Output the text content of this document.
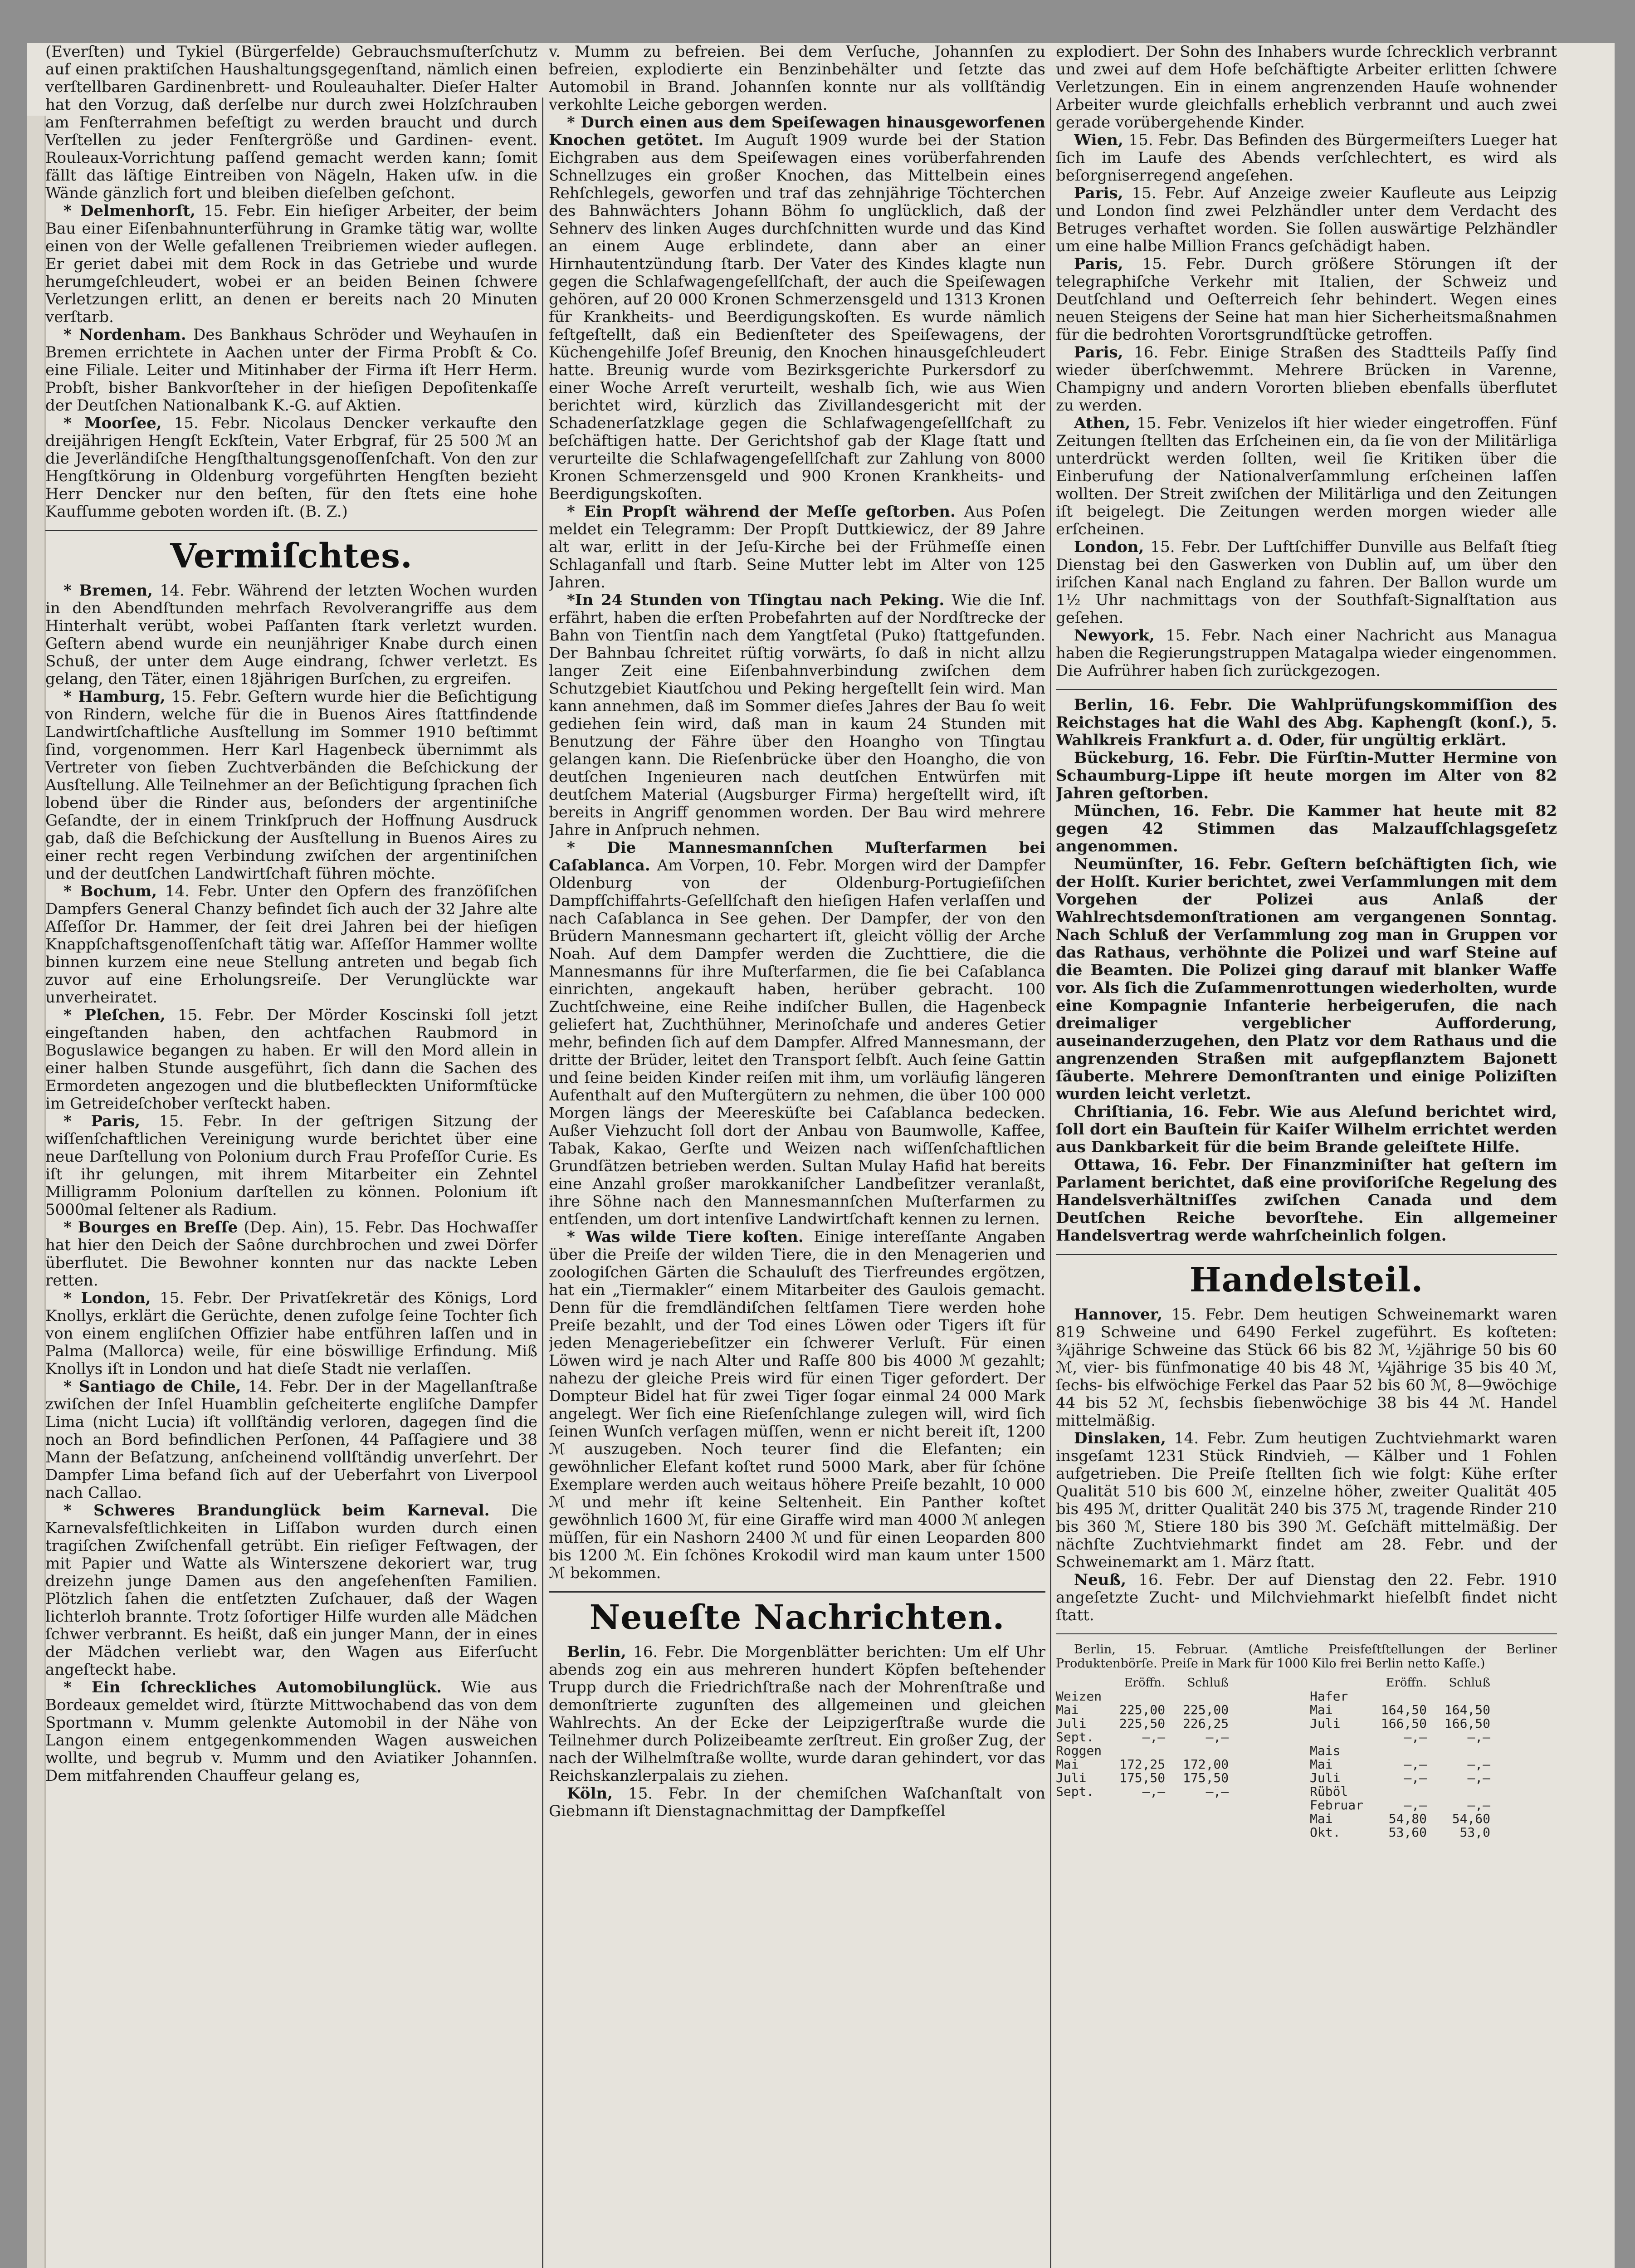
(Everſten) und Tykiel (Bürgerfelde) Gebrauchsmuſterſchutz auf einen praktiſchen Haushaltungsgegenſtand, nämlich einen verſtellbaren Gardinenbrett- und Rouleauhalter. Dieſer Halter hat den Vorzug, daß derſelbe nur durch zwei Holzſchrauben am Fenſterrahmen befeſtigt zu werden braucht und durch Verſtellen zu jeder Fenſtergröße und Gardinen- event. Rouleaux-Vorrichtung paſſend gemacht werden kann; ſomit fällt das läſtige Eintreiben von Nägeln, Haken uſw. in die Wände gänzlich fort und bleiben dieſelben geſchont.

* Delmenhorſt, 15. Febr. Ein hieſiger Arbeiter, der beim Bau einer Eiſenbahnunterführung in Gramke tätig war, wollte einen von der Welle gefallenen Treibriemen wieder auflegen. Er geriet dabei mit dem Rock in das Getriebe und wurde herumgeſchleudert, wobei er an beiden Beinen ſchwere Verletzungen erlitt, an denen er bereits nach 20 Minuten verſtarb.

* Nordenham. Des Bankhaus Schröder und Weyhauſen in Bremen errichtete in Aachen unter der Firma Probſt & Co. eine Filiale. Leiter und Mitinhaber der Firma iſt Herr Herm. Probſt, bisher Bankvorſteher in der hieſigen Depoſitenkaſſe der Deutſchen Nationalbank K.-G. auf Aktien.

* Moorſee, 15. Febr. Nicolaus Dencker verkaufte den dreijährigen Hengſt Eckſtein, Vater Erbgraf, für 25 500 ℳ an die Jeverländiſche Hengſthaltungsgenoſſenſchaft. Von den zur Hengſtkörung in Oldenburg vorgeführten Hengſten bezieht Herr Dencker nur den beſten, für den ſtets eine hohe Kaufſumme geboten worden iſt. (B. Z.)

Vermiſchtes.

* Bremen, 14. Febr. Während der letzten Wochen wurden in den Abendſtunden mehrfach Revolverangriffe aus dem Hinterhalt verübt, wobei Paſſanten ſtark verletzt wurden. Geſtern abend wurde ein neunjähriger Knabe durch einen Schuß, der unter dem Auge eindrang, ſchwer verletzt. Es gelang, den Täter, einen 18jährigen Burſchen, zu ergreifen.

* Hamburg, 15. Febr. Geſtern wurde hier die Beſichtigung von Rindern, welche für die in Buenos Aires ſtattfindende Landwirtſchaftliche Ausſtellung im Sommer 1910 beſtimmt ſind, vorgenommen. Herr Karl Hagenbeck übernimmt als Vertreter von ſieben Zuchtverbänden die Beſchickung der Ausſtellung. Alle Teilnehmer an der Beſichtigung ſprachen ſich lobend über die Rinder aus, beſonders der argentiniſche Geſandte, der in einem Trinkſpruch der Hoffnung Ausdruck gab, daß die Beſchickung der Ausſtellung in Buenos Aires zu einer recht regen Verbindung zwiſchen der argentiniſchen und der deutſchen Landwirtſchaft führen möchte.

* Bochum, 14. Febr. Unter den Opfern des franzöſiſchen Dampfers General Chanzy befindet ſich auch der 32 Jahre alte Aſſeſſor Dr. Hammer, der ſeit drei Jahren bei der hieſigen Knappſchaftsgenoſſenſchaft tätig war. Aſſeſſor Hammer wollte binnen kurzem eine neue Stellung antreten und begab ſich zuvor auf eine Erholungsreiſe. Der Verunglückte war unverheiratet.

* Pleſchen, 15. Febr. Der Mörder Koscinski ſoll jetzt eingeſtanden haben, den achtfachen Raubmord in Boguslawice begangen zu haben. Er will den Mord allein in einer halben Stunde ausgeführt, ſich dann die Sachen des Ermordeten angezogen und die blutbefleckten Uniformſtücke im Getreideſchober verſteckt haben.

* Paris, 15. Febr. In der geſtrigen Sitzung der wiſſenſchaftlichen Vereinigung wurde berichtet über eine neue Darſtellung von Polonium durch Frau Profeſſor Curie. Es iſt ihr gelungen, mit ihrem Mitarbeiter ein Zehntel Milligramm Polonium darſtellen zu können. Polonium iſt 5000mal ſeltener als Radium.

* Bourges en Breſſe (Dep. Ain), 15. Febr. Das Hochwaſſer hat hier den Deich der Saône durchbrochen und zwei Dörfer überflutet. Die Bewohner konnten nur das nackte Leben retten.

* London, 15. Febr. Der Privatſekretär des Königs, Lord Knollys, erklärt die Gerüchte, denen zufolge ſeine Tochter ſich von einem engliſchen Offizier habe entführen laſſen und in Palma (Mallorca) weile, für eine böswillige Erfindung. Miß Knollys iſt in London und hat dieſe Stadt nie verlaſſen.

* Santiago de Chile, 14. Febr. Der in der Magellanſtraße zwiſchen der Inſel Huamblin geſcheiterte engliſche Dampfer Lima (nicht Lucia) iſt vollſtändig verloren, dagegen ſind die noch an Bord befindlichen Perſonen, 44 Paſſagiere und 38 Mann der Beſatzung, anſcheinend vollſtändig unverſehrt. Der Dampfer Lima befand ſich auf der Ueberfahrt von Liverpool nach Callao.

* Schweres Brandunglück beim Karneval. Die Karnevalsfeſtlichkeiten in Liſſabon wurden durch einen tragiſchen Zwiſchenfall getrübt. Ein rieſiger Feſtwagen, der mit Papier und Watte als Winterszene dekoriert war, trug dreizehn junge Damen aus den angeſehenſten Familien. Plötzlich ſahen die entſetzten Zuſchauer, daß der Wagen lichterloh brannte. Trotz ſofortiger Hilfe wurden alle Mädchen ſchwer verbrannt. Es heißt, daß ein junger Mann, der in eines der Mädchen verliebt war, den Wagen aus Eiferſucht angeſteckt habe.

* Ein ſchreckliches Automobilunglück. Wie aus Bordeaux gemeldet wird, ſtürzte Mittwochabend das von dem Sportmann v. Mumm gelenkte Automobil in der Nähe von Langon einem entgegenkommenden Wagen ausweichen wollte, und begrub v. Mumm und den Aviatiker Johannſen. Dem mitfahrenden Chauffeur gelang es,

v. Mumm zu befreien. Bei dem Verſuche, Johannſen zu befreien, explodierte ein Benzinbehälter und ſetzte das Automobil in Brand. Johannſen konnte nur als vollſtändig verkohlte Leiche geborgen werden.

* Durch einen aus dem Speiſewagen hinausgeworfenen Knochen getötet. Im Auguſt 1909 wurde bei der Station Eichgraben aus dem Speiſewagen eines vorüberfahrenden Schnellzuges ein großer Knochen, das Mittelbein eines Rehſchlegels, geworfen und traf das zehnjährige Töchterchen des Bahnwächters Johann Böhm ſo unglücklich, daß der Sehnerv des linken Auges durchſchnitten wurde und das Kind an einem Auge erblindete, dann aber an einer Hirnhautentzündung ſtarb. Der Vater des Kindes klagte nun gegen die Schlafwagengeſellſchaft, der auch die Speiſewagen gehören, auf 20 000 Kronen Schmerzensgeld und 1313 Kronen für Krankheits- und Beerdigungskoſten. Es wurde nämlich feſtgeſtellt, daß ein Bedienſteter des Speiſewagens, der Küchengehilfe Joſef Breunig, den Knochen hinausgeſchleudert hatte. Breunig wurde vom Bezirksgerichte Purkersdorf zu einer Woche Arreſt verurteilt, weshalb ſich, wie aus Wien berichtet wird, kürzlich das Zivillandesgericht mit der Schadenerſatzklage gegen die Schlafwagengeſellſchaft zu beſchäftigen hatte. Der Gerichtshof gab der Klage ſtatt und verurteilte die Schlafwagengeſellſchaft zur Zahlung von 8000 Kronen Schmerzensgeld und 900 Kronen Krankheits- und Beerdigungskoſten.

* Ein Propſt während der Meſſe geſtorben. Aus Poſen meldet ein Telegramm: Der Propſt Duttkiewicz, der 89 Jahre alt war, erlitt in der Jeſu-Kirche bei der Frühmeſſe einen Schlaganfall und ſtarb. Seine Mutter lebt im Alter von 125 Jahren.

*In 24 Stunden von Tſingtau nach Peking. Wie die Inf. erfährt, haben die erſten Probefahrten auf der Nordſtrecke der Bahn von Tientſin nach dem Yangtſetal (Puko) ſtattgefunden. Der Bahnbau ſchreitet rüſtig vorwärts, ſo daß in nicht allzu langer Zeit eine Eiſenbahnverbindung zwiſchen dem Schutzgebiet Kiautſchou und Peking hergeſtellt ſein wird. Man kann annehmen, daß im Sommer dieſes Jahres der Bau ſo weit gediehen ſein wird, daß man in kaum 24 Stunden mit Benutzung der Fähre über den Hoangho von Tſingtau gelangen kann. Die Rieſenbrücke über den Hoangho, die von deutſchen Ingenieuren nach deutſchen Entwürfen mit deutſchem Material (Augsburger Firma) hergeſtellt wird, iſt bereits in Angriff genommen worden. Der Bau wird mehrere Jahre in Anſpruch nehmen.

* Die Mannesmannſchen Muſterfarmen bei Caſablanca. Am Vorpen, 10. Febr. Morgen wird der Dampfer Oldenburg von der Oldenburg-Portugieſiſchen Dampfſchiffahrts-Geſellſchaft den hieſigen Hafen verlaſſen und nach Caſablanca in See gehen. Der Dampfer, der von den Brüdern Mannesmann gechartert iſt, gleicht völlig der Arche Noah. Auf dem Dampfer werden die Zuchttiere, die die Mannesmanns für ihre Muſterfarmen, die ſie bei Caſablanca einrichten, angekauft haben, herüber gebracht. 100 Zuchtſchweine, eine Reihe indiſcher Bullen, die Hagenbeck geliefert hat, Zuchthühner, Merinoſchafe und anderes Getier mehr, befinden ſich auf dem Dampfer. Alfred Mannesmann, der dritte der Brüder, leitet den Transport ſelbſt. Auch ſeine Gattin und ſeine beiden Kinder reiſen mit ihm, um vorläufig längeren Aufenthalt auf den Muſtergütern zu nehmen, die über 100 000 Morgen längs der Meeresküſte bei Caſablanca bedecken. Außer Viehzucht ſoll dort der Anbau von Baumwolle, Kaffee, Tabak, Kakao, Gerſte und Weizen nach wiſſenſchaftlichen Grundſätzen betrieben werden. Sultan Mulay Hafid hat bereits eine Anzahl großer marokkaniſcher Landbeſitzer veranlaßt, ihre Söhne nach den Mannesmannſchen Muſterfarmen zu entſenden, um dort intenſive Landwirtſchaft kennen zu lernen.

* Was wilde Tiere koſten. Einige intereſſante Angaben über die Preiſe der wilden Tiere, die in den Menagerien und zoologiſchen Gärten die Schauluſt des Tierfreundes ergötzen, hat ein „Tiermakler“ einem Mitarbeiter des Gaulois gemacht. Denn für die fremdländiſchen ſeltſamen Tiere werden hohe Preiſe bezahlt, und der Tod eines Löwen oder Tigers iſt für jeden Menageriebeſitzer ein ſchwerer Verluſt. Für einen Löwen wird je nach Alter und Raſſe 800 bis 4000 ℳ gezahlt; nahezu der gleiche Preis wird für einen Tiger gefordert. Der Dompteur Bidel hat für zwei Tiger ſogar einmal 24 000 Mark angelegt. Wer ſich eine Rieſenſchlange zulegen will, wird ſich ſeinen Wunſch verſagen müſſen, wenn er nicht bereit iſt, 1200 ℳ auszugeben. Noch teurer ſind die Elefanten; ein gewöhnlicher Elefant koſtet rund 5000 Mark, aber für ſchöne Exemplare werden auch weitaus höhere Preiſe bezahlt, 10 000 ℳ und mehr iſt keine Seltenheit. Ein Panther koſtet gewöhnlich 1600 ℳ, für eine Giraffe wird man 4000 ℳ anlegen müſſen, für ein Nashorn 2400 ℳ und für einen Leoparden 800 bis 1200 ℳ. Ein ſchönes Krokodil wird man kaum unter 1500 ℳ bekommen.

Neueſte Nachrichten.

Berlin, 16. Febr. Die Morgenblätter berichten: Um elf Uhr abends zog ein aus mehreren hundert Köpfen beſtehender Trupp durch die Friedrichſtraße nach der Mohrenſtraße und demonſtrierte zugunſten des allgemeinen und gleichen Wahlrechts. An der Ecke der Leipzigerſtraße wurde die Teilnehmer durch Polizeibeamte zerſtreut. Ein großer Zug, der nach der Wilhelmſtraße wollte, wurde daran gehindert, vor das Reichskanzlerpalais zu ziehen.

Köln, 15. Febr. In der chemiſchen Waſchanſtalt von Giebmann iſt Dienstagnachmittag der Dampfkeſſel

explodiert. Der Sohn des Inhabers wurde ſchrecklich verbrannt und zwei auf dem Hofe beſchäftigte Arbeiter erlitten ſchwere Verletzungen. Ein in einem angrenzenden Hauſe wohnender Arbeiter wurde gleichfalls erheblich verbrannt und auch zwei gerade vorübergehende Kinder.

Wien, 15. Febr. Das Befinden des Bürgermeiſters Lueger hat ſich im Laufe des Abends verſchlechtert, es wird als beſorgniserregend angeſehen.

Paris, 15. Febr. Auf Anzeige zweier Kaufleute aus Leipzig und London ſind zwei Pelzhändler unter dem Verdacht des Betruges verhaftet worden. Sie ſollen auswärtige Pelzhändler um eine halbe Million Francs geſchädigt haben.

Paris, 15. Febr. Durch größere Störungen iſt der telegraphiſche Verkehr mit Italien, der Schweiz und Deutſchland und Oeſterreich ſehr behindert. Wegen eines neuen Steigens der Seine hat man hier Sicherheitsmaßnahmen für die bedrohten Vorortsgrundſtücke getroffen.

Paris, 16. Febr. Einige Straßen des Stadtteils Paſſy ſind wieder überſchwemmt. Mehrere Brücken in Varenne, Champigny und andern Vororten blieben ebenfalls überflutet zu werden.

Athen, 15. Febr. Venizelos iſt hier wieder eingetroffen. Fünf Zeitungen ſtellten das Erſcheinen ein, da ſie von der Militärliga unterdrückt werden ſollten, weil ſie Kritiken über die Einberufung der Nationalverſammlung erſcheinen laſſen wollten. Der Streit zwiſchen der Militärliga und den Zeitungen iſt beigelegt. Die Zeitungen werden morgen wieder alle erſcheinen.

London, 15. Febr. Der Luftſchiffer Dunville aus Belfaſt ſtieg Dienstag bei den Gaswerken von Dublin auf, um über den iriſchen Kanal nach England zu fahren. Der Ballon wurde um 1½ Uhr nachmittags von der Southfaſt-Signalſtation aus geſehen.

Newyork, 15. Febr. Nach einer Nachricht aus Managua haben die Regierungstruppen Matagalpa wieder eingenommen. Die Aufrührer haben ſich zurückgezogen.

Berlin, 16. Febr. Die Wahlprüfungskommiſſion des Reichstages hat die Wahl des Abg. Kaphengſt (konſ.), 5. Wahlkreis Frankfurt a. d. Oder, für ungültig erklärt.

Bückeburg, 16. Febr. Die Fürſtin-Mutter Hermine von Schaumburg-Lippe iſt heute morgen im Alter von 82 Jahren geſtorben.

München, 16. Febr. Die Kammer hat heute mit 82 gegen 42 Stimmen das Malzaufſchlagsgeſetz angenommen.

Neumünſter, 16. Febr. Geſtern beſchäftigten ſich, wie der Holſt. Kurier berichtet, zwei Verſammlungen mit dem Vorgehen der Polizei aus Anlaß der Wahlrechtsdemonſtrationen am vergangenen Sonntag. Nach Schluß der Verſammlung zog man in Gruppen vor das Rathaus, verhöhnte die Polizei und warf Steine auf die Beamten. Die Polizei ging darauf mit blanker Waffe vor. Als ſich die Zuſammenrottungen wiederholten, wurde eine Kompagnie Infanterie herbeigerufen, die nach dreimaliger vergeblicher Aufforderung, auseinanderzugehen, den Platz vor dem Rathaus und die angrenzenden Straßen mit aufgepflanztem Bajonett ſäuberte. Mehrere Demonſtranten und einige Poliziſten wurden leicht verletzt.

Chriſtiania, 16. Febr. Wie aus Aleſund berichtet wird, ſoll dort ein Bauſtein für Kaiſer Wilhelm errichtet werden aus Dankbarkeit für die beim Brande geleiſtete Hilfe.

Ottawa, 16. Febr. Der Finanzminiſter hat geſtern im Parlament berichtet, daß eine proviſoriſche Regelung des Handelsverhältniſſes zwiſchen Canada und dem Deutſchen Reiche bevorſtehe. Ein allgemeiner Handelsvertrag werde wahrſcheinlich folgen.

Handelsteil.

Hannover, 15. Febr. Dem heutigen Schweinemarkt waren 819 Schweine und 6490 Ferkel zugeführt. Es koſteten: ¾jährige Schweine das Stück 66 bis 82 ℳ, ½jährige 50 bis 60 ℳ, vier- bis fünfmonatige 40 bis 48 ℳ, ¼jährige 35 bis 40 ℳ, ſechs- bis elfwöchige Ferkel das Paar 52 bis 60 ℳ, 8—9wöchige 44 bis 52 ℳ, ſechsbis ſiebenwöchige 38 bis 44 ℳ. Handel mittelmäßig.

Dinslaken, 14. Febr. Zum heutigen Zuchtviehmarkt waren insgeſamt 1231 Stück Rindvieh, — Kälber und 1 Fohlen aufgetrieben. Die Preiſe ſtellten ſich wie folgt: Kühe erſter Qualität 510 bis 600 ℳ, einzelne höher, zweiter Qualität 405 bis 495 ℳ, dritter Qualität 240 bis 375 ℳ, tragende Rinder 210 bis 360 ℳ, Stiere 180 bis 390 ℳ. Geſchäft mittelmäßig. Der nächſte Zuchtviehmarkt findet am 28. Febr. und der Schweinemarkt am 1. März ſtatt.

Neuß, 16. Febr. Der auf Dienstag den 22. Febr. 1910 angeſetzte Zucht- und Milchviehmarkt hieſelbſt findet nicht ſtatt.

Berlin, 15. Februar. (Amtliche Preisfeſtſtellungen der Berliner Produktenbörſe. Preiſe in Mark für 1000 Kilo frei Berlin netto Kaſſe.)

	Eröffn.	Schluß
Weizen		
Mai	225,00	225,00
Juli	225,50	226,25
Sept.	—,—	—,—

Roggen		
Mai	172,25	172,00
Juli	175,50	175,50
Sept.	—,—	—,—
	Eröffn.	Schluß
Hafer		
Mai	164,50	164,50
Juli	166,50	166,50
	—,—	—,—
Mais		
Mai	—,—	—,—
Juli	—,—	—,—
Rüböl		
Februar	—,—	—,—
Mai	54,80	54,60
Okt.	53,60	53,0
